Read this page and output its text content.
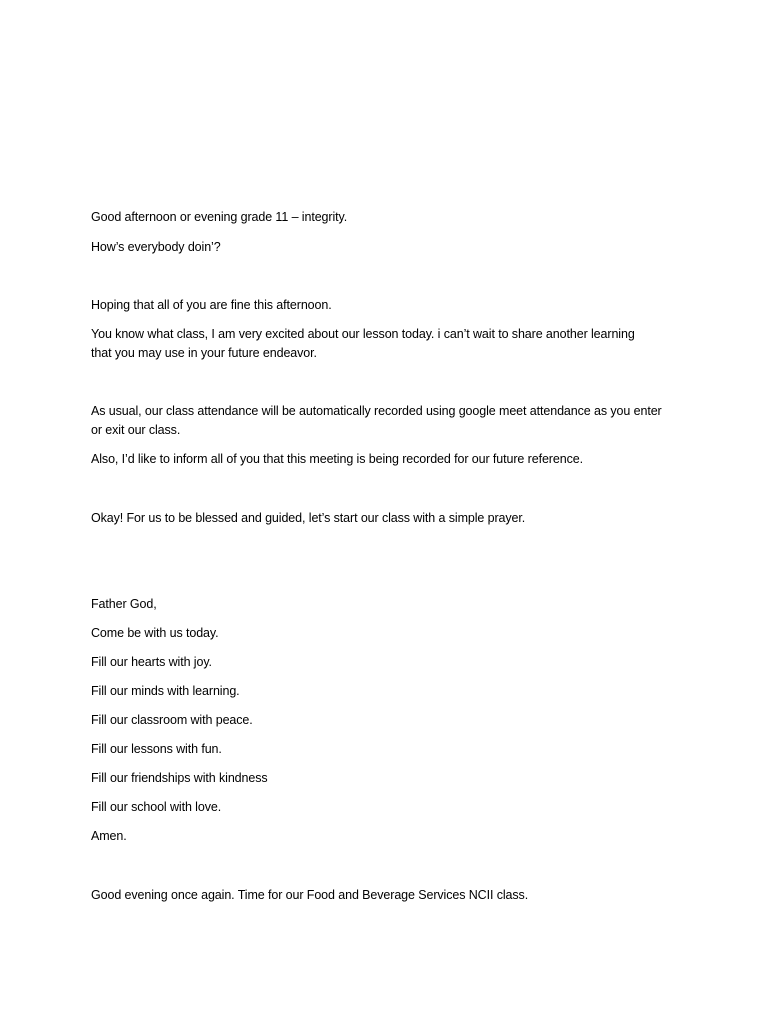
Good afternoon or evening grade 11 – integrity.
How’s everybody doin’?
Hoping that all of you are fine this afternoon.
You know what class, I am very excited about our lesson today. i can’t wait to share another learning
that you may use in your future endeavor.
As usual, our class attendance will be automatically recorded using google meet attendance as you enter
or exit our class.
Also, I’d like to inform all of you that this meeting is being recorded for our future reference.
Okay! For us to be blessed and guided, let’s start our class with a simple prayer.
Father God,
Come be with us today.
Fill our hearts with joy.
Fill our minds with learning.
Fill our classroom with peace.
Fill our lessons with fun.
Fill our friendships with kindness
Fill our school with love.
Amen.
Good evening once again. Time for our Food and Beverage Services NCII class.
